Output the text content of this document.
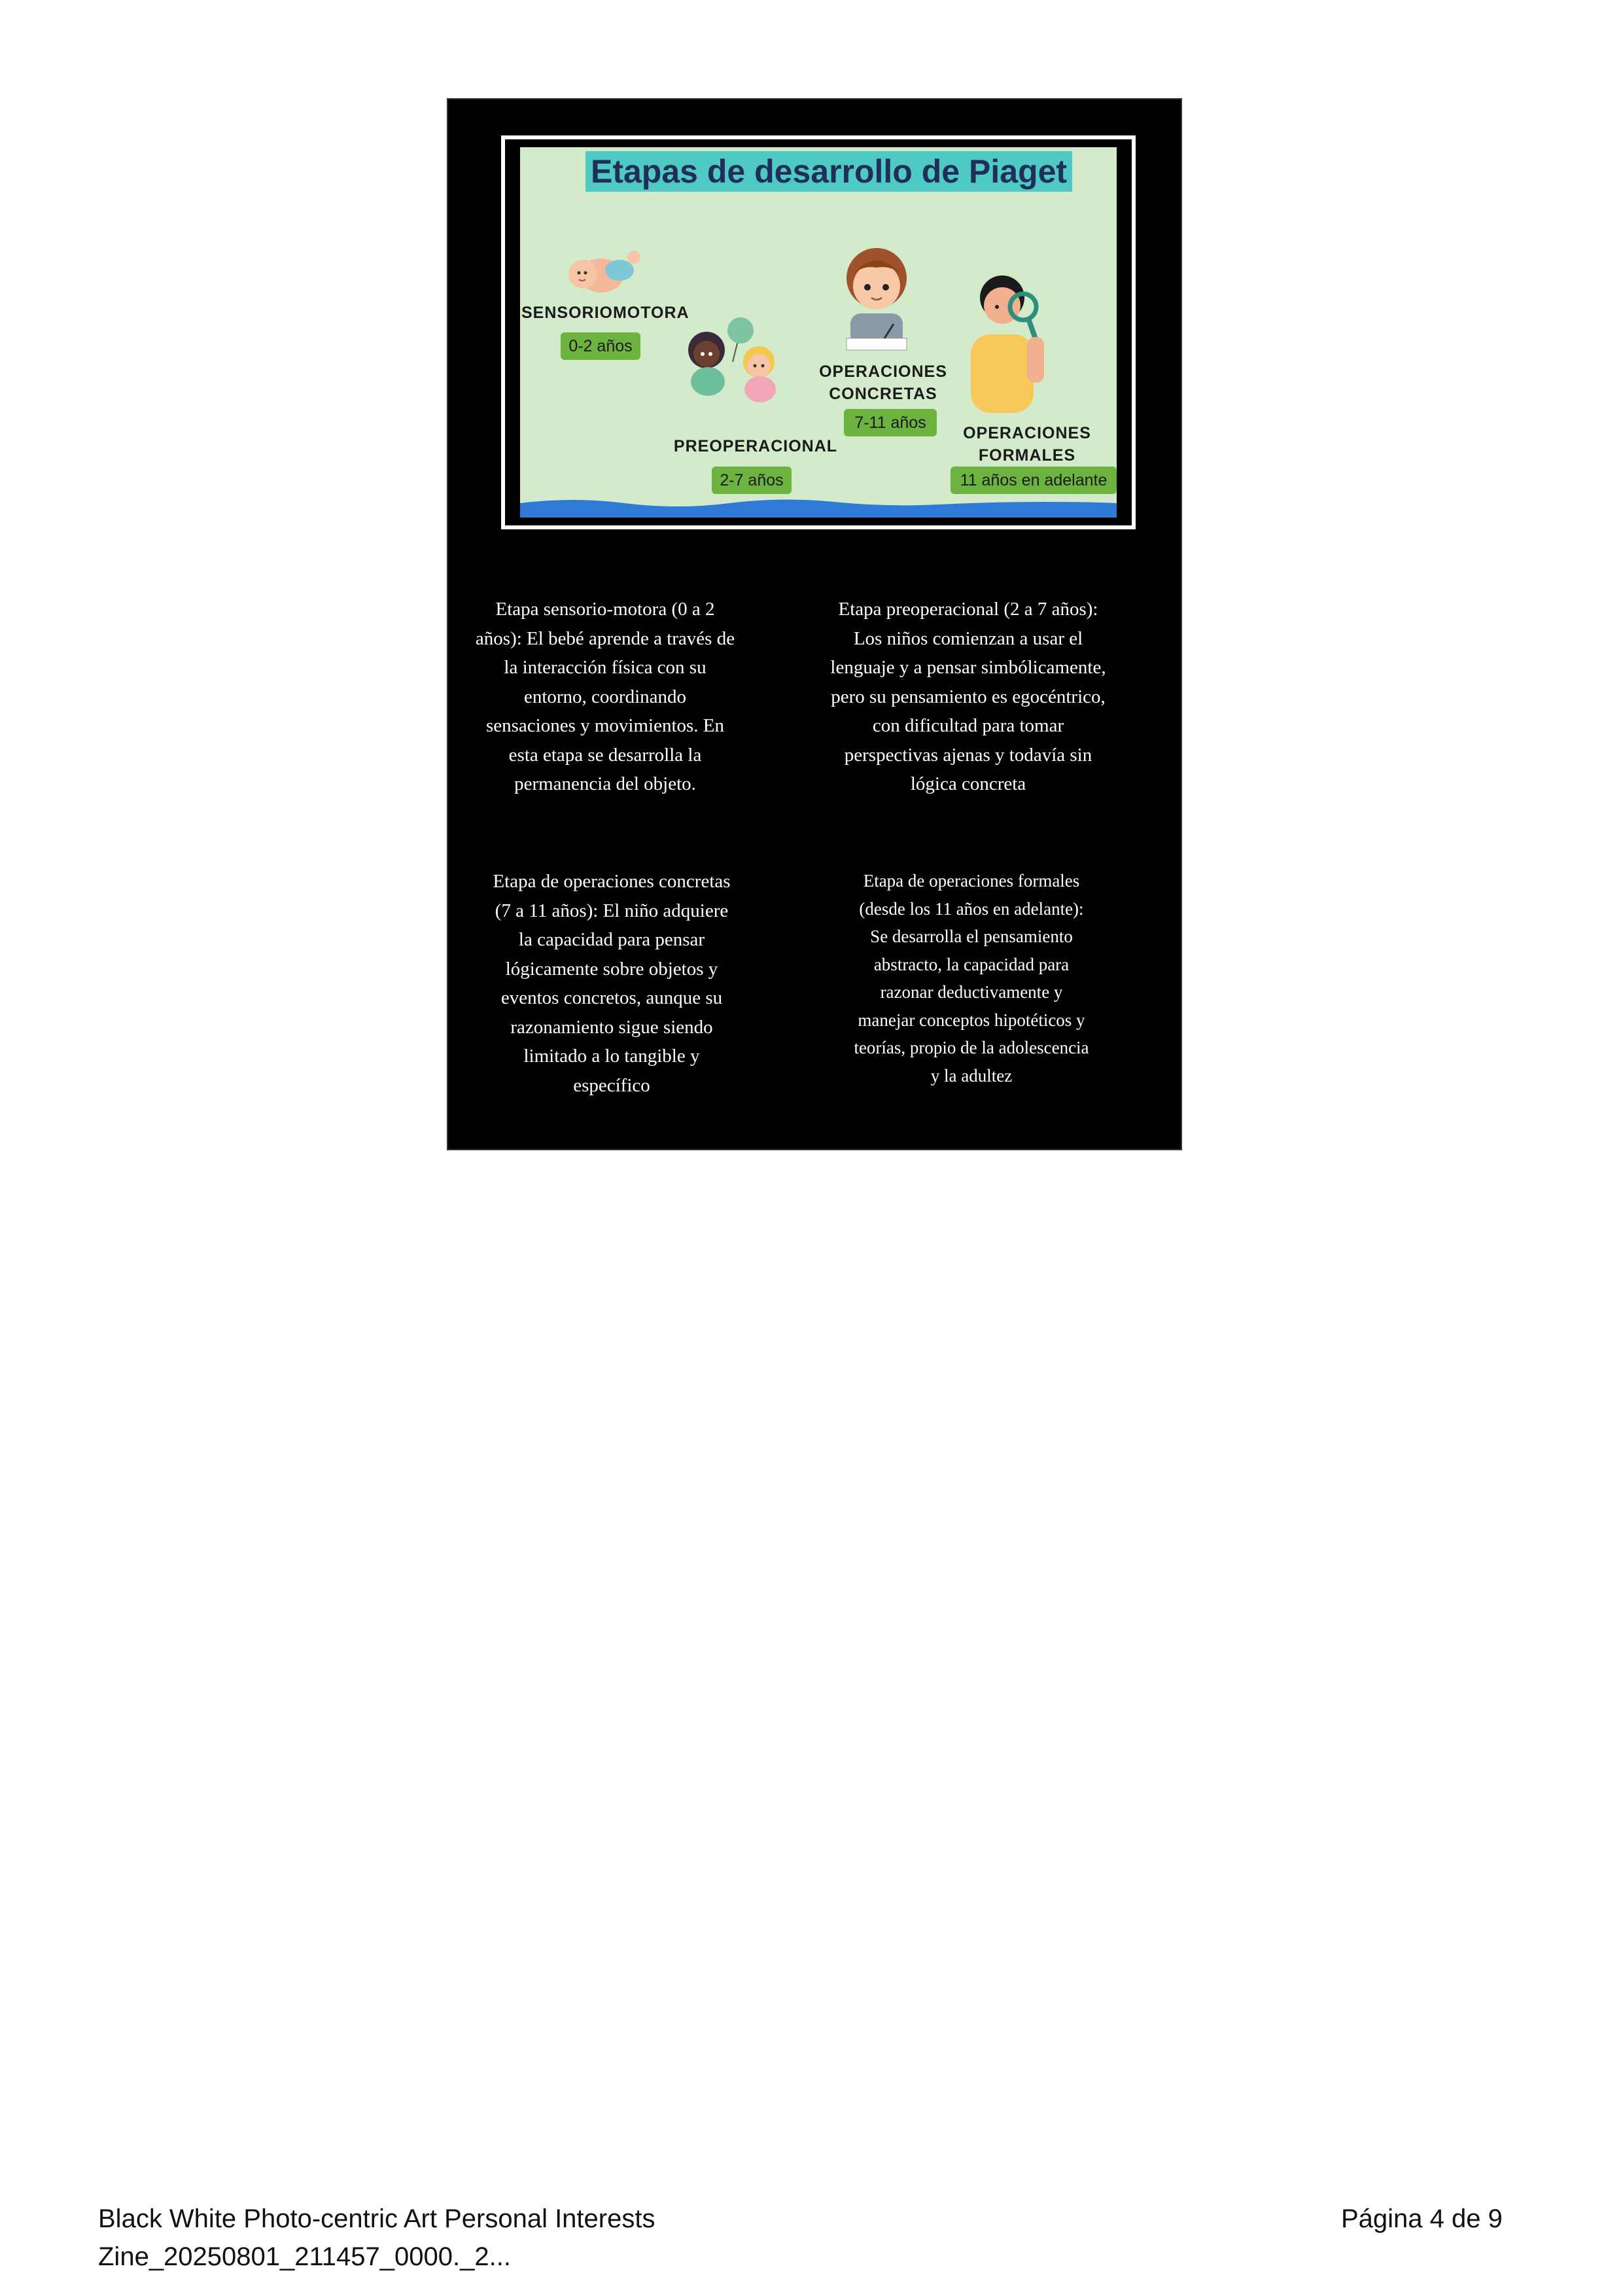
Etapas de desarrollo de Piaget
SENSORIOMOTORA
0-2 años
PREOPERACIONAL
2-7 años
OPERACIONES
CONCRETAS
7-11 años
OPERACIONES
FORMALES
11 años en adelante
Etapa sensorio-motora (0 a 2
años): El bebé aprende a través de
la interacción física con su
entorno, coordinando
sensaciones y movimientos. En
esta etapa se desarrolla la
permanencia del objeto.
Etapa preoperacional (2 a 7 años):
Los niños comienzan a usar el
lenguaje y a pensar simbólicamente,
pero su pensamiento es egocéntrico,
con dificultad para tomar
perspectivas ajenas y todavía sin
lógica concreta
Etapa de operaciones concretas
(7 a 11 años): El niño adquiere
la capacidad para pensar
lógicamente sobre objetos y
eventos concretos, aunque su
razonamiento sigue siendo
limitado a lo tangible y
específico
Etapa de operaciones formales
(desde los 11 años en adelante):
Se desarrolla el pensamiento
abstracto, la capacidad para
razonar deductivamente y
manejar conceptos hipotéticos y
teorías, propio de la adolescencia
y la adultez
Black White Photo-centric Art Personal Interests
Zine_20250801_211457_0000._2...
Página 4 de 9
